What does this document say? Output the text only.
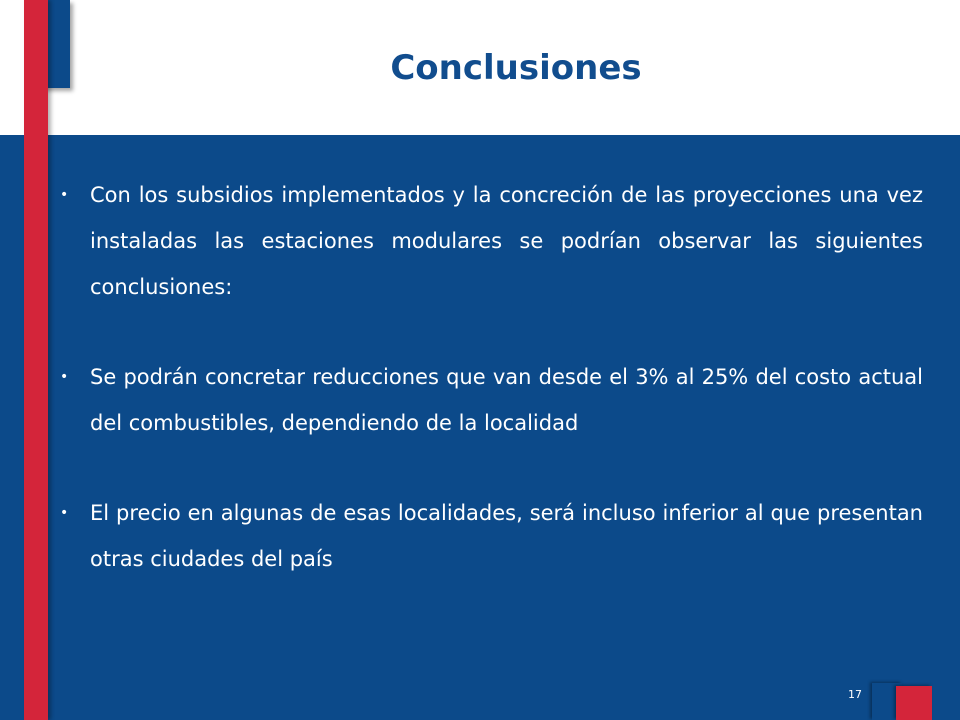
Conclusiones

• Con los subsidios implementados y la concreción de las proyecciones una vez instaladas las estaciones modulares se podrían observar las siguientes conclusiones:

• Se podrán concretar reducciones que van desde el 3% al 25% del costo actual del combustibles, dependiendo de la localidad

• El precio en algunas de esas localidades, será incluso inferior al que presentan otras ciudades del país

17
